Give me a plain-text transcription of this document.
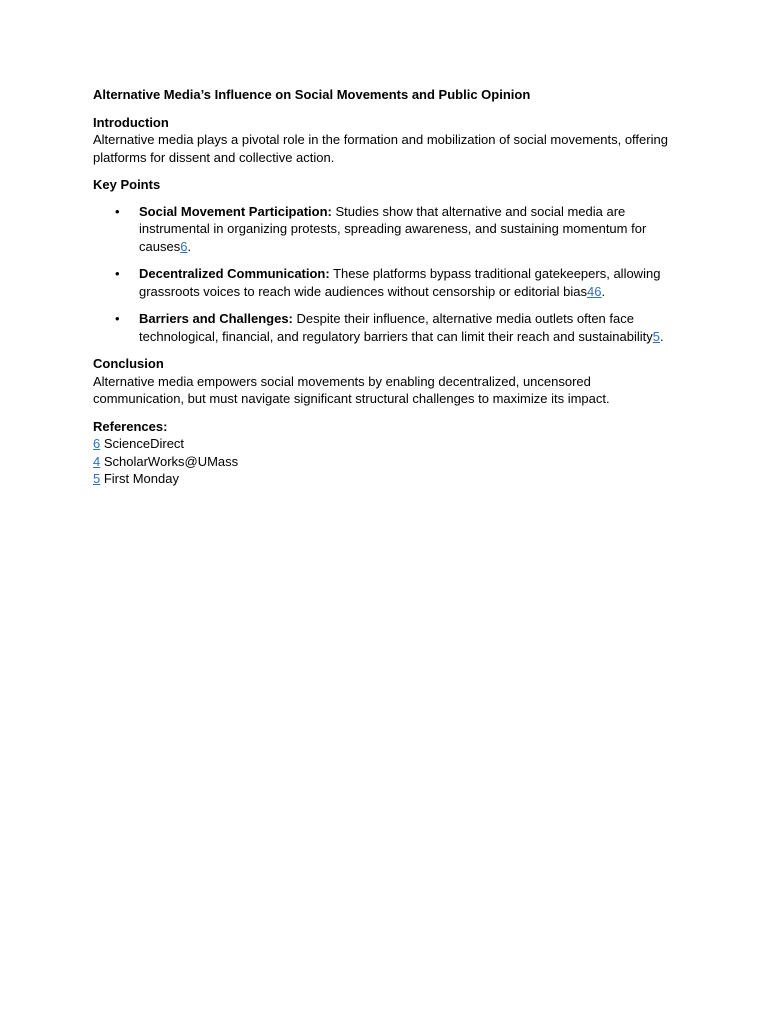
Alternative Media’s Influence on Social Movements and Public Opinion

Introduction

Alternative media plays a pivotal role in the formation and mobilization of social movements, offering platforms for dissent and collective action.

Key Points

• Social Movement Participation: Studies show that alternative and social media are instrumental in organizing protests, spreading awareness, and sustaining momentum for causes6.
• Decentralized Communication: These platforms bypass traditional gatekeepers, allowing grassroots voices to reach wide audiences without censorship or editorial bias46.
• Barriers and Challenges: Despite their influence, alternative media outlets often face technological, financial, and regulatory barriers that can limit their reach and sustainability5.

Conclusion

Alternative media empowers social movements by enabling decentralized, uncensored communication, but must navigate significant structural challenges to maximize its impact.

References:

6 ScienceDirect

4 ScholarWorks@UMass

5 First Monday
